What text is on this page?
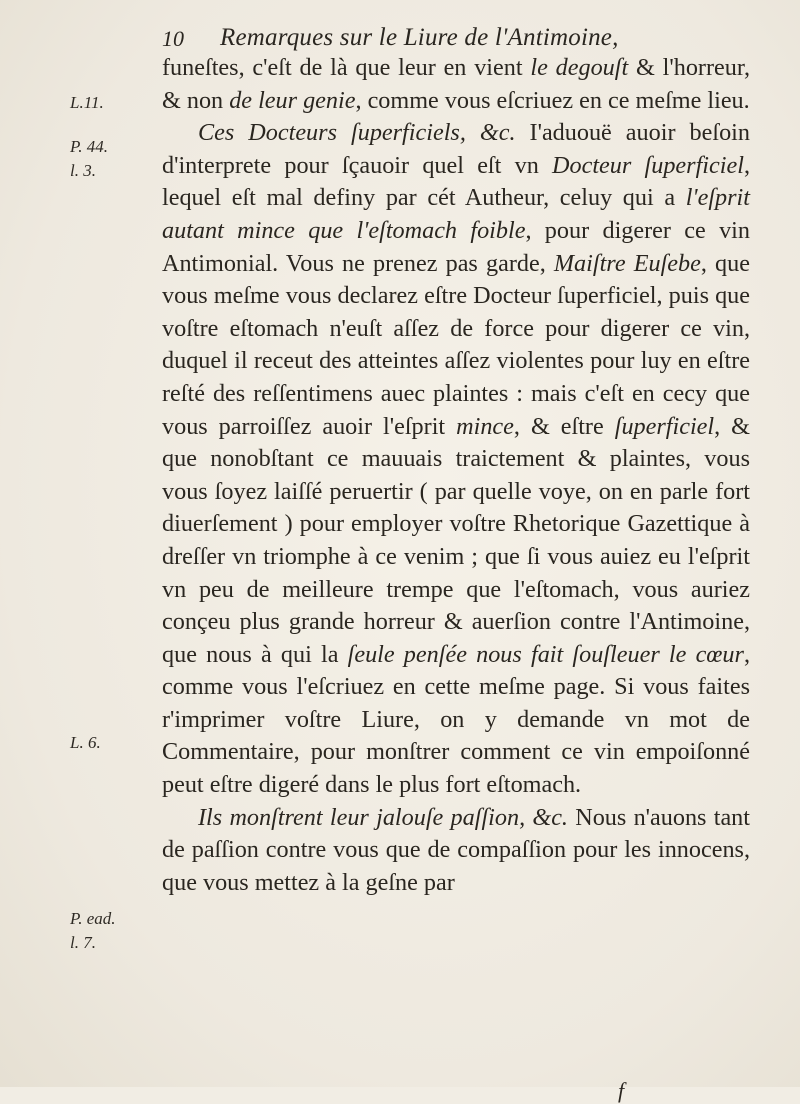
10 Remarques sur le Liure de l'Antimoine,
L.11.
P. 44.
l. 3.
L. 6.
P. ead.
l. 7.

funeſtes, c'eſt de là que leur en vient le degouſt & l'horreur, & non de leur genie, comme vous eſcriuez en ce meſme lieu.

Ces Docteurs ſuperficiels, &c. I'aduouë auoir beſoin d'interprete pour ſçauoir quel eſt vn Docteur ſuperficiel, lequel eſt mal definy par cét Autheur, celuy qui a l'eſprit autant mince que l'eſtomach foible, pour digerer ce vin Antimonial. Vous ne prenez pas garde, Maiſtre Euſebe, que vous meſme vous declarez eſtre Docteur ſuperficiel, puis que voſtre eſtomach n'euſt aſſez de force pour digerer ce vin, duquel il receut des atteintes aſſez violentes pour luy en eſtre reſté des reſſentimens auec plaintes : mais c'eſt en cecy que vous parroiſſez auoir l'eſprit mince, & eſtre ſuperficiel, & que nonobſtant ce mauuais traictement & plaintes, vous vous ſoyez laiſſé peruertir ( par quelle voye, on en parle fort diuerſement ) pour employer voſtre Rhetorique Gazettique à dreſſer vn triomphe à ce venim ; que ſi vous auiez eu l'eſprit vn peu de meilleure trempe que l'eſtomach, vous auriez conçeu plus grande horreur & auerſion contre l'Antimoine, que nous à qui la ſeule penſée nous fait ſouſleuer le cœur, comme vous l'eſcriuez en cette meſme page. Si vous faites r'imprimer voſtre Liure, on y demande vn mot de Commentaire, pour monſtrer comment ce vin empoiſonné peut eſtre digeré dans le plus fort eſtomach.

Ils monſtrent leur jalouſe paſſion, &c. Nous n'auons tant de paſſion contre vous que de compaſſion pour les innocens, que vous mettez à la geſne par

f
